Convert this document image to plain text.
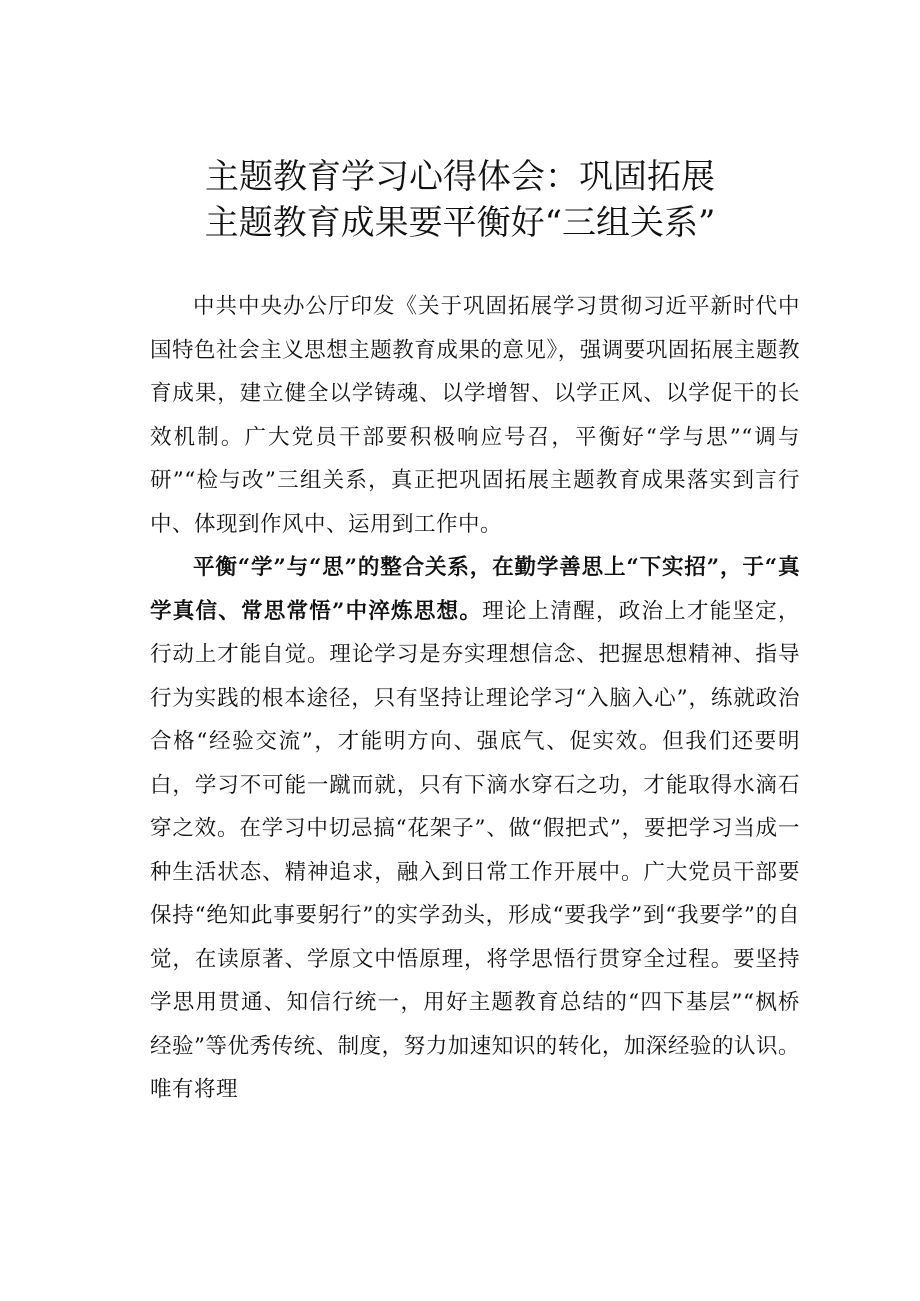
主题教育学习心得体会：巩固拓展
主题教育成果要平衡好“三组关系”

中共中央办公厅印发《关于巩固拓展学习贯彻习近平新时代中国特色社会主义思想主题教育成果的意见》，强调要巩固拓展主题教育成果，建立健全以学铸魂、以学增智、以学正风、以学促干的长效机制。广大党员干部要积极响应号召，平衡好“学与思”“调与研”“检与改”三组关系，真正把巩固拓展主题教育成果落实到言行中、体现到作风中、运用到工作中。

平衡“学”与“思”的整合关系，在勤学善思上“下实招”，于“真学真信、常思常悟”中淬炼思想。理论上清醒，政治上才能坚定，行动上才能自觉。理论学习是夯实理想信念、把握思想精神、指导行为实践的根本途径，只有坚持让理论学习“入脑入心”，练就政治合格“经验交流”，才能明方向、强底气、促实效。但我们还要明白，学习不可能一蹴而就，只有下滴水穿石之功，才能取得水滴石穿之效。在学习中切忌搞“花架子”、做“假把式”，要把学习当成一种生活状态、精神追求，融入到日常工作开展中。广大党员干部要保持“绝知此事要躬行”的实学劲头，形成“要我学”到“我要学”的自觉，在读原著、学原文中悟原理，将学思悟行贯穿全过程。要坚持学思用贯通、知信行统一，用好主题教育总结的“四下基层”“枫桥经验”等优秀传统、制度，努力加速知识的转化，加深经验的认识。唯有将理
